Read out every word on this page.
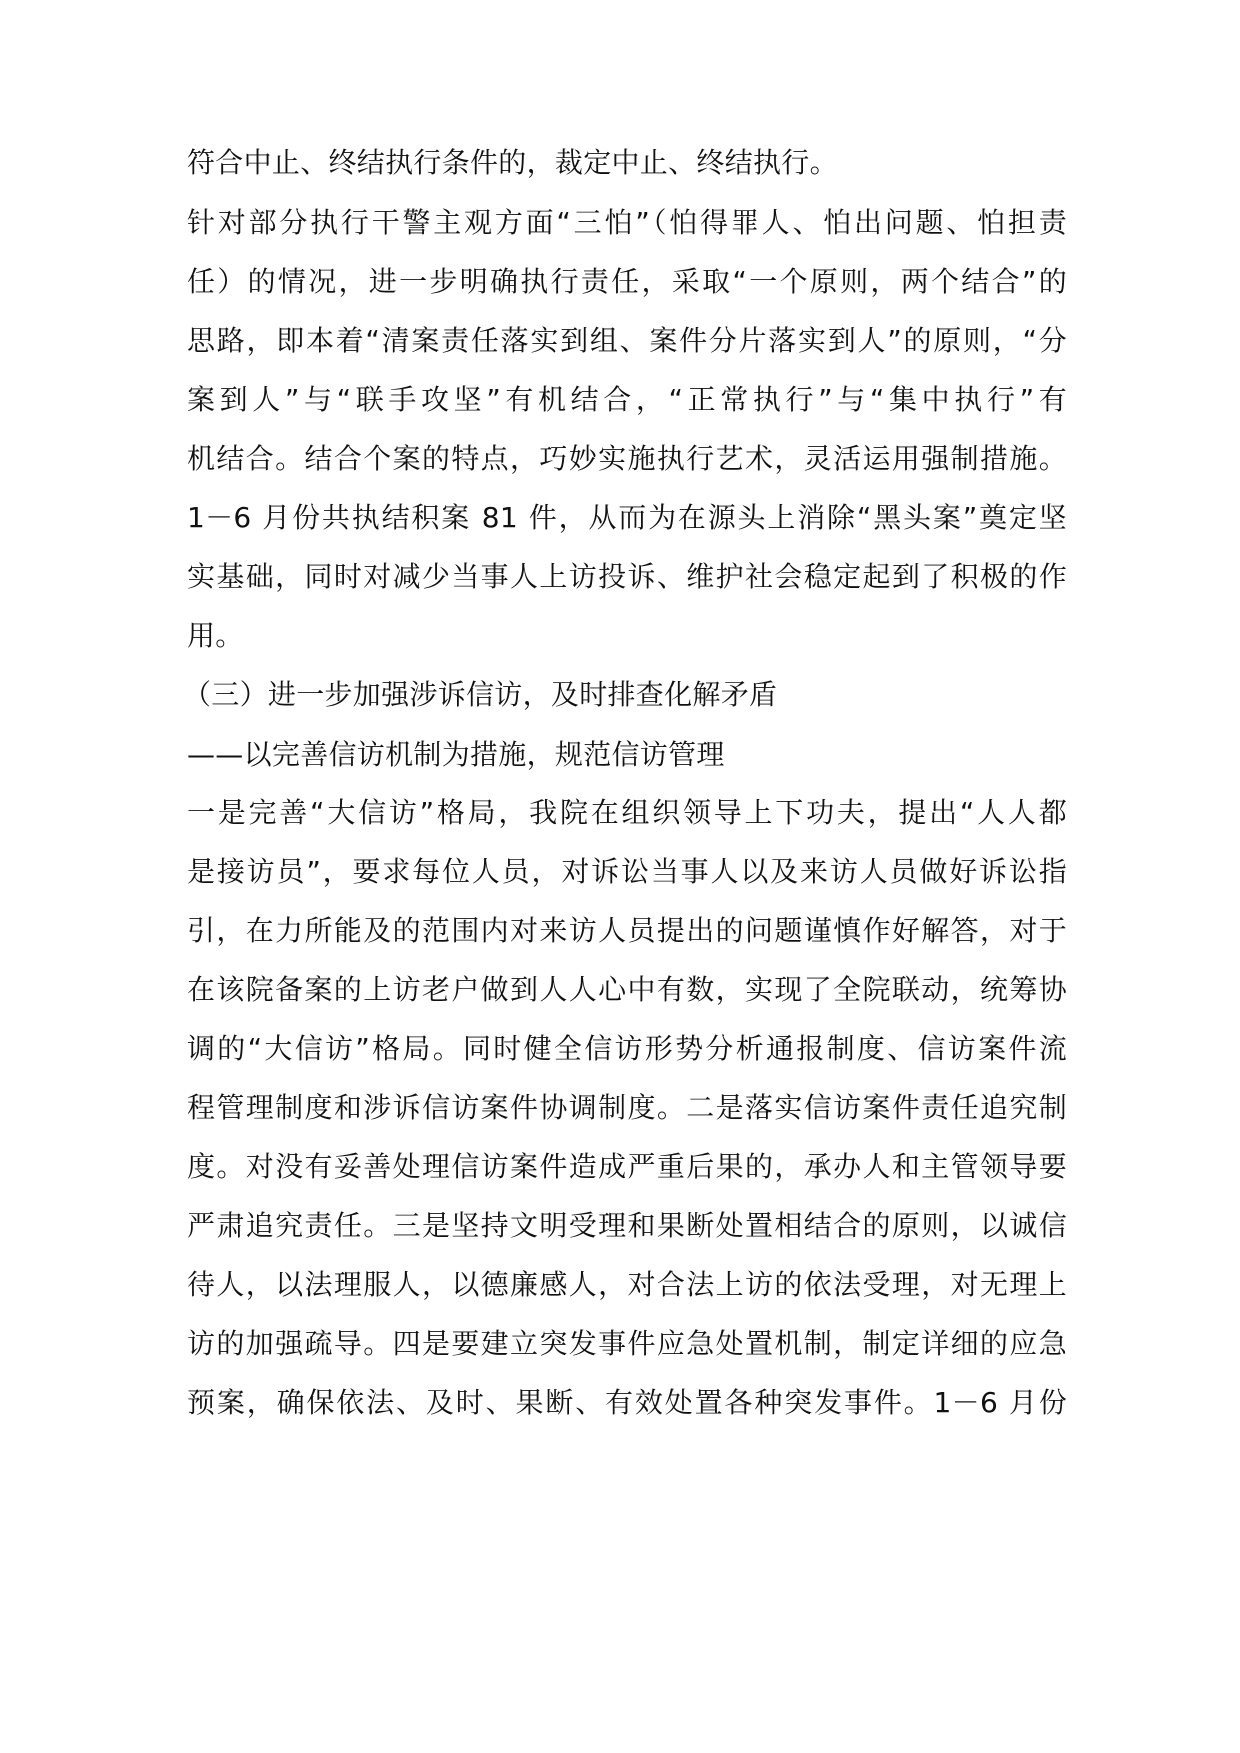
符合中止、终结执行条件的，裁定中止、终结执行。
针对部分执行干警主观方面“三怕”（怕得罪人、怕出问题、怕担责
任）的情况，进一步明确执行责任，采取“一个原则，两个结合”的
思路，即本着“清案责任落实到组、案件分片落实到人”的原则，“分
案到人”与“联手攻坚”有机结合，“正常执行”与“集中执行”有
机结合。结合个案的特点，巧妙实施执行艺术，灵活运用强制措施。
1－6 月份共执结积案 81 件，从而为在源头上消除“黑头案”奠定坚
实基础，同时对减少当事人上访投诉、维护社会稳定起到了积极的作
用。
（三）进一步加强涉诉信访，及时排查化解矛盾
——以完善信访机制为措施，规范信访管理
一是完善“大信访”格局，我院在组织领导上下功夫，提出“人人都
是接访员”，要求每位人员，对诉讼当事人以及来访人员做好诉讼指
引，在力所能及的范围内对来访人员提出的问题谨慎作好解答，对于
在该院备案的上访老户做到人人心中有数，实现了全院联动，统筹协
调的“大信访”格局。同时健全信访形势分析通报制度、信访案件流
程管理制度和涉诉信访案件协调制度。二是落实信访案件责任追究制
度。对没有妥善处理信访案件造成严重后果的，承办人和主管领导要
严肃追究责任。三是坚持文明受理和果断处置相结合的原则，以诚信
待人，以法理服人，以德廉感人，对合法上访的依法受理，对无理上
访的加强疏导。四是要建立突发事件应急处置机制，制定详细的应急
预案，确保依法、及时、果断、有效处置各种突发事件。1－6 月份
